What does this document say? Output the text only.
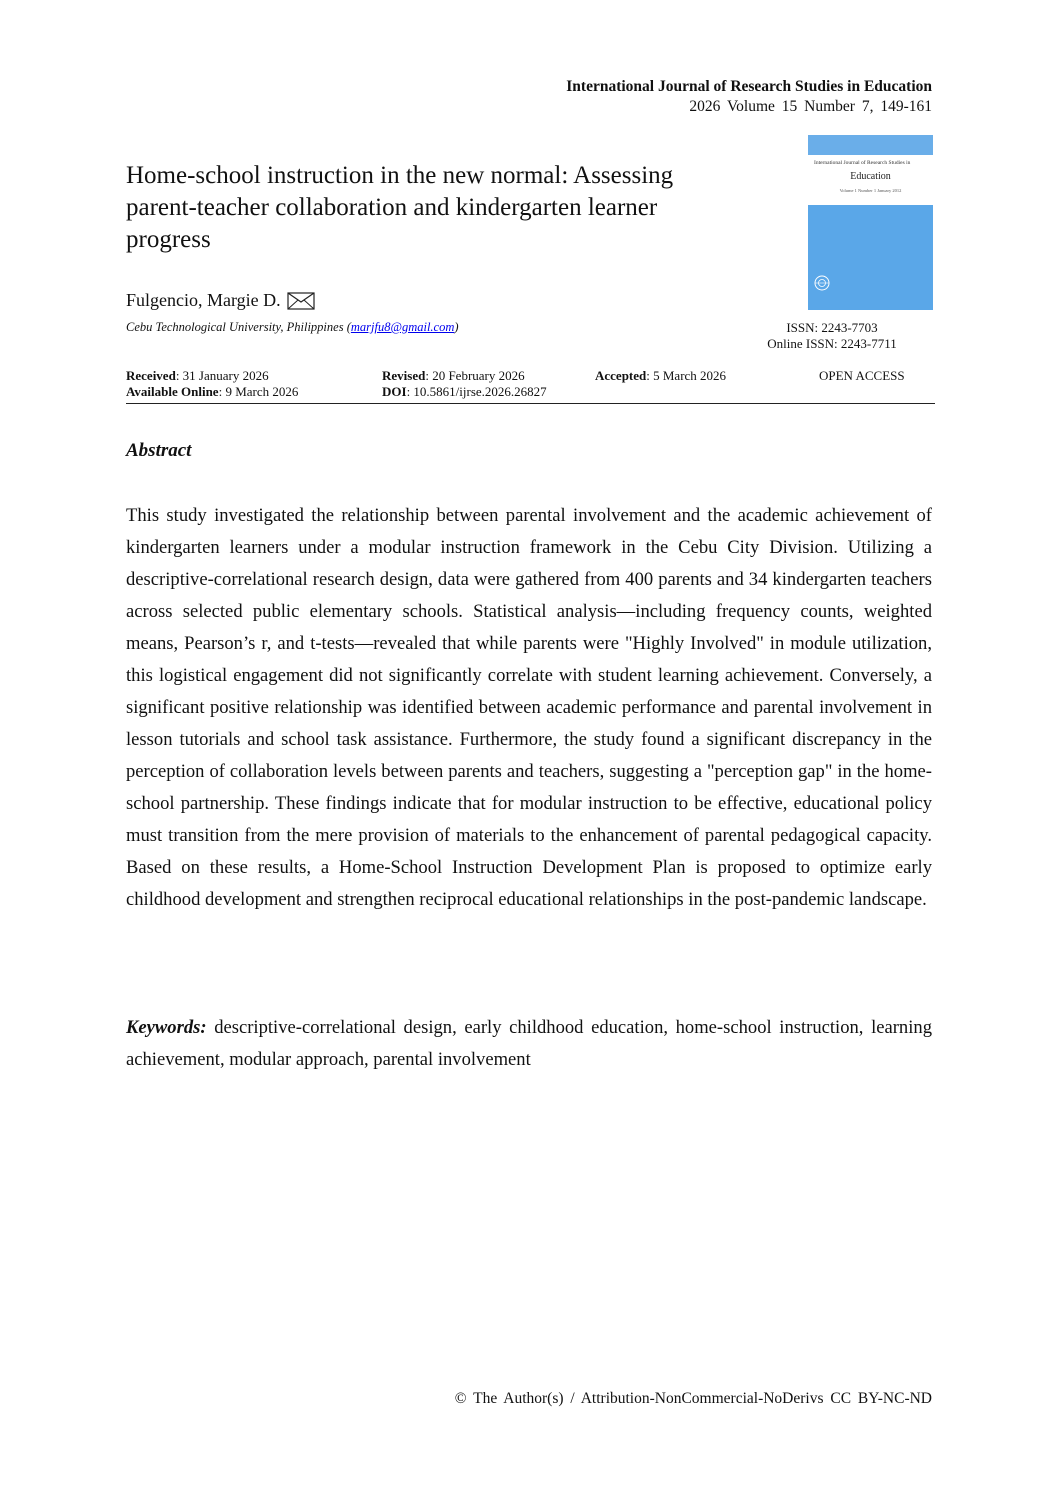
International Journal of Research Studies in Education
2026 Volume 15 Number 7, 149-161
Home-school instruction in the new normal: Assessing parent-teacher collaboration and kindergarten learner progress
Fulgencio, Margie D.
Cebu Technological University, Philippines (marjfu8@gmail.com)
International Journal of Research Studies in
Education
Volume 1 Number 1 January 2012
ISSN: 2243-7703
Online ISSN: 2243-7711
Received: 31 January 2026	Revised: 20 February 2026	Accepted: 5 March 2026	OPEN ACCESS
Available Online: 9 March 2026	DOI: 10.5861/ijrse.2026.26827
Abstract
This study investigated the relationship between parental involvement and the academic achievement of kindergarten learners under a modular instruction framework in the Cebu City Division. Utilizing a descriptive-correlational research design, data were gathered from 400 parents and 34 kindergarten teachers across selected public elementary schools. Statistical analysis—including frequency counts, weighted means, Pearson’s r, and t-tests—revealed that while parents were "Highly Involved" in module utilization, this logistical engagement did not significantly correlate with student learning achievement. Conversely, a significant positive relationship was identified between academic performance and parental involvement in lesson tutorials and school task assistance. Furthermore, the study found a significant discrepancy in the perception of collaboration levels between parents and teachers, suggesting a "perception gap" in the home-school partnership. These findings indicate that for modular instruction to be effective, educational policy must transition from the mere provision of materials to the enhancement of parental pedagogical capacity. Based on these results, a Home-School Instruction Development Plan is proposed to optimize early childhood development and strengthen reciprocal educational relationships in the post-pandemic landscape.
Keywords: descriptive-correlational design, early childhood education, home-school instruction, learning achievement, modular approach, parental involvement
© The Author(s) / Attribution-NonCommercial-NoDerivs CC BY-NC-ND
